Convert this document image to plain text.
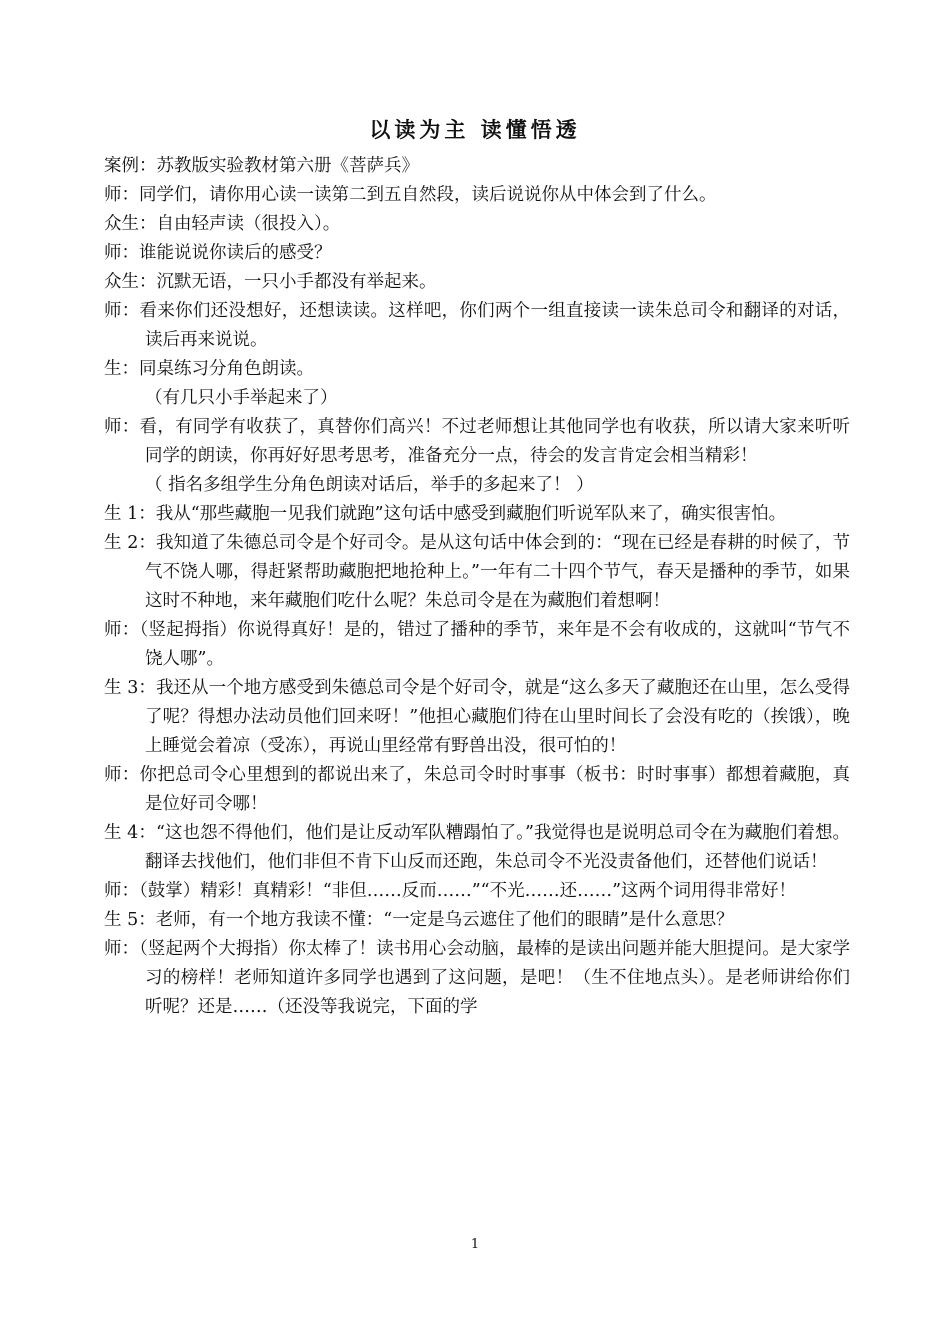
以读为主 读懂悟透

案例：苏教版实验教材第六册《菩萨兵》

师：同学们，请你用心读一读第二到五自然段，读后说说你从中体会到了什么。

众生：自由轻声读（很投入）。

师：谁能说说你读后的感受？

众生：沉默无语，一只小手都没有举起来。

师：看来你们还没想好，还想读读。这样吧，你们两个一组直接读一读朱总司令和翻译的对话，读后再来说说。

生：同桌练习分角色朗读。

（有几只小手举起来了）

师：看，有同学有收获了，真替你们高兴！不过老师想让其他同学也有收获，所以请大家来听听同学的朗读，你再好好思考思考，准备充分一点，待会的发言肯定会相当精彩！

（ 指名多组学生分角色朗读对话后，举手的多起来了！ ）

生 1：我从“那些藏胞一见我们就跑”这句话中感受到藏胞们听说军队来了，确实很害怕。

生 2：我知道了朱德总司令是个好司令。是从这句话中体会到的：“现在已经是春耕的时候了，节气不饶人哪，得赶紧帮助藏胞把地抢种上。”一年有二十四个节气，春天是播种的季节，如果这时不种地，来年藏胞们吃什么呢？朱总司令是在为藏胞们着想啊！

师：（竖起拇指）你说得真好！是的，错过了播种的季节，来年是不会有收成的，这就叫“节气不饶人哪”。

生 3：我还从一个地方感受到朱德总司令是个好司令，就是“这么多天了藏胞还在山里，怎么受得了呢？得想办法动员他们回来呀！”他担心藏胞们待在山里时间长了会没有吃的（挨饿），晚上睡觉会着凉（受冻），再说山里经常有野兽出没，很可怕的！

师：你把总司令心里想到的都说出来了，朱总司令时时事事（板书：时时事事）都想着藏胞，真是位好司令哪！

生 4：“这也怨不得他们，他们是让反动军队糟蹋怕了。”我觉得也是说明总司令在为藏胞们着想。翻译去找他们，他们非但不肯下山反而还跑，朱总司令不光没责备他们，还替他们说话！

师：（鼓掌）精彩！真精彩！“非但……反而……”“不光……还……”这两个词用得非常好！

生 5：老师，有一个地方我读不懂：“一定是乌云遮住了他们的眼睛”是什么意思？

师：（竖起两个大拇指）你太棒了！读书用心会动脑，最棒的是读出问题并能大胆提问。是大家学习的榜样！老师知道许多同学也遇到了这问题，是吧！（生不住地点头）。是老师讲给你们听呢？还是……（还没等我说完，下面的学

1
